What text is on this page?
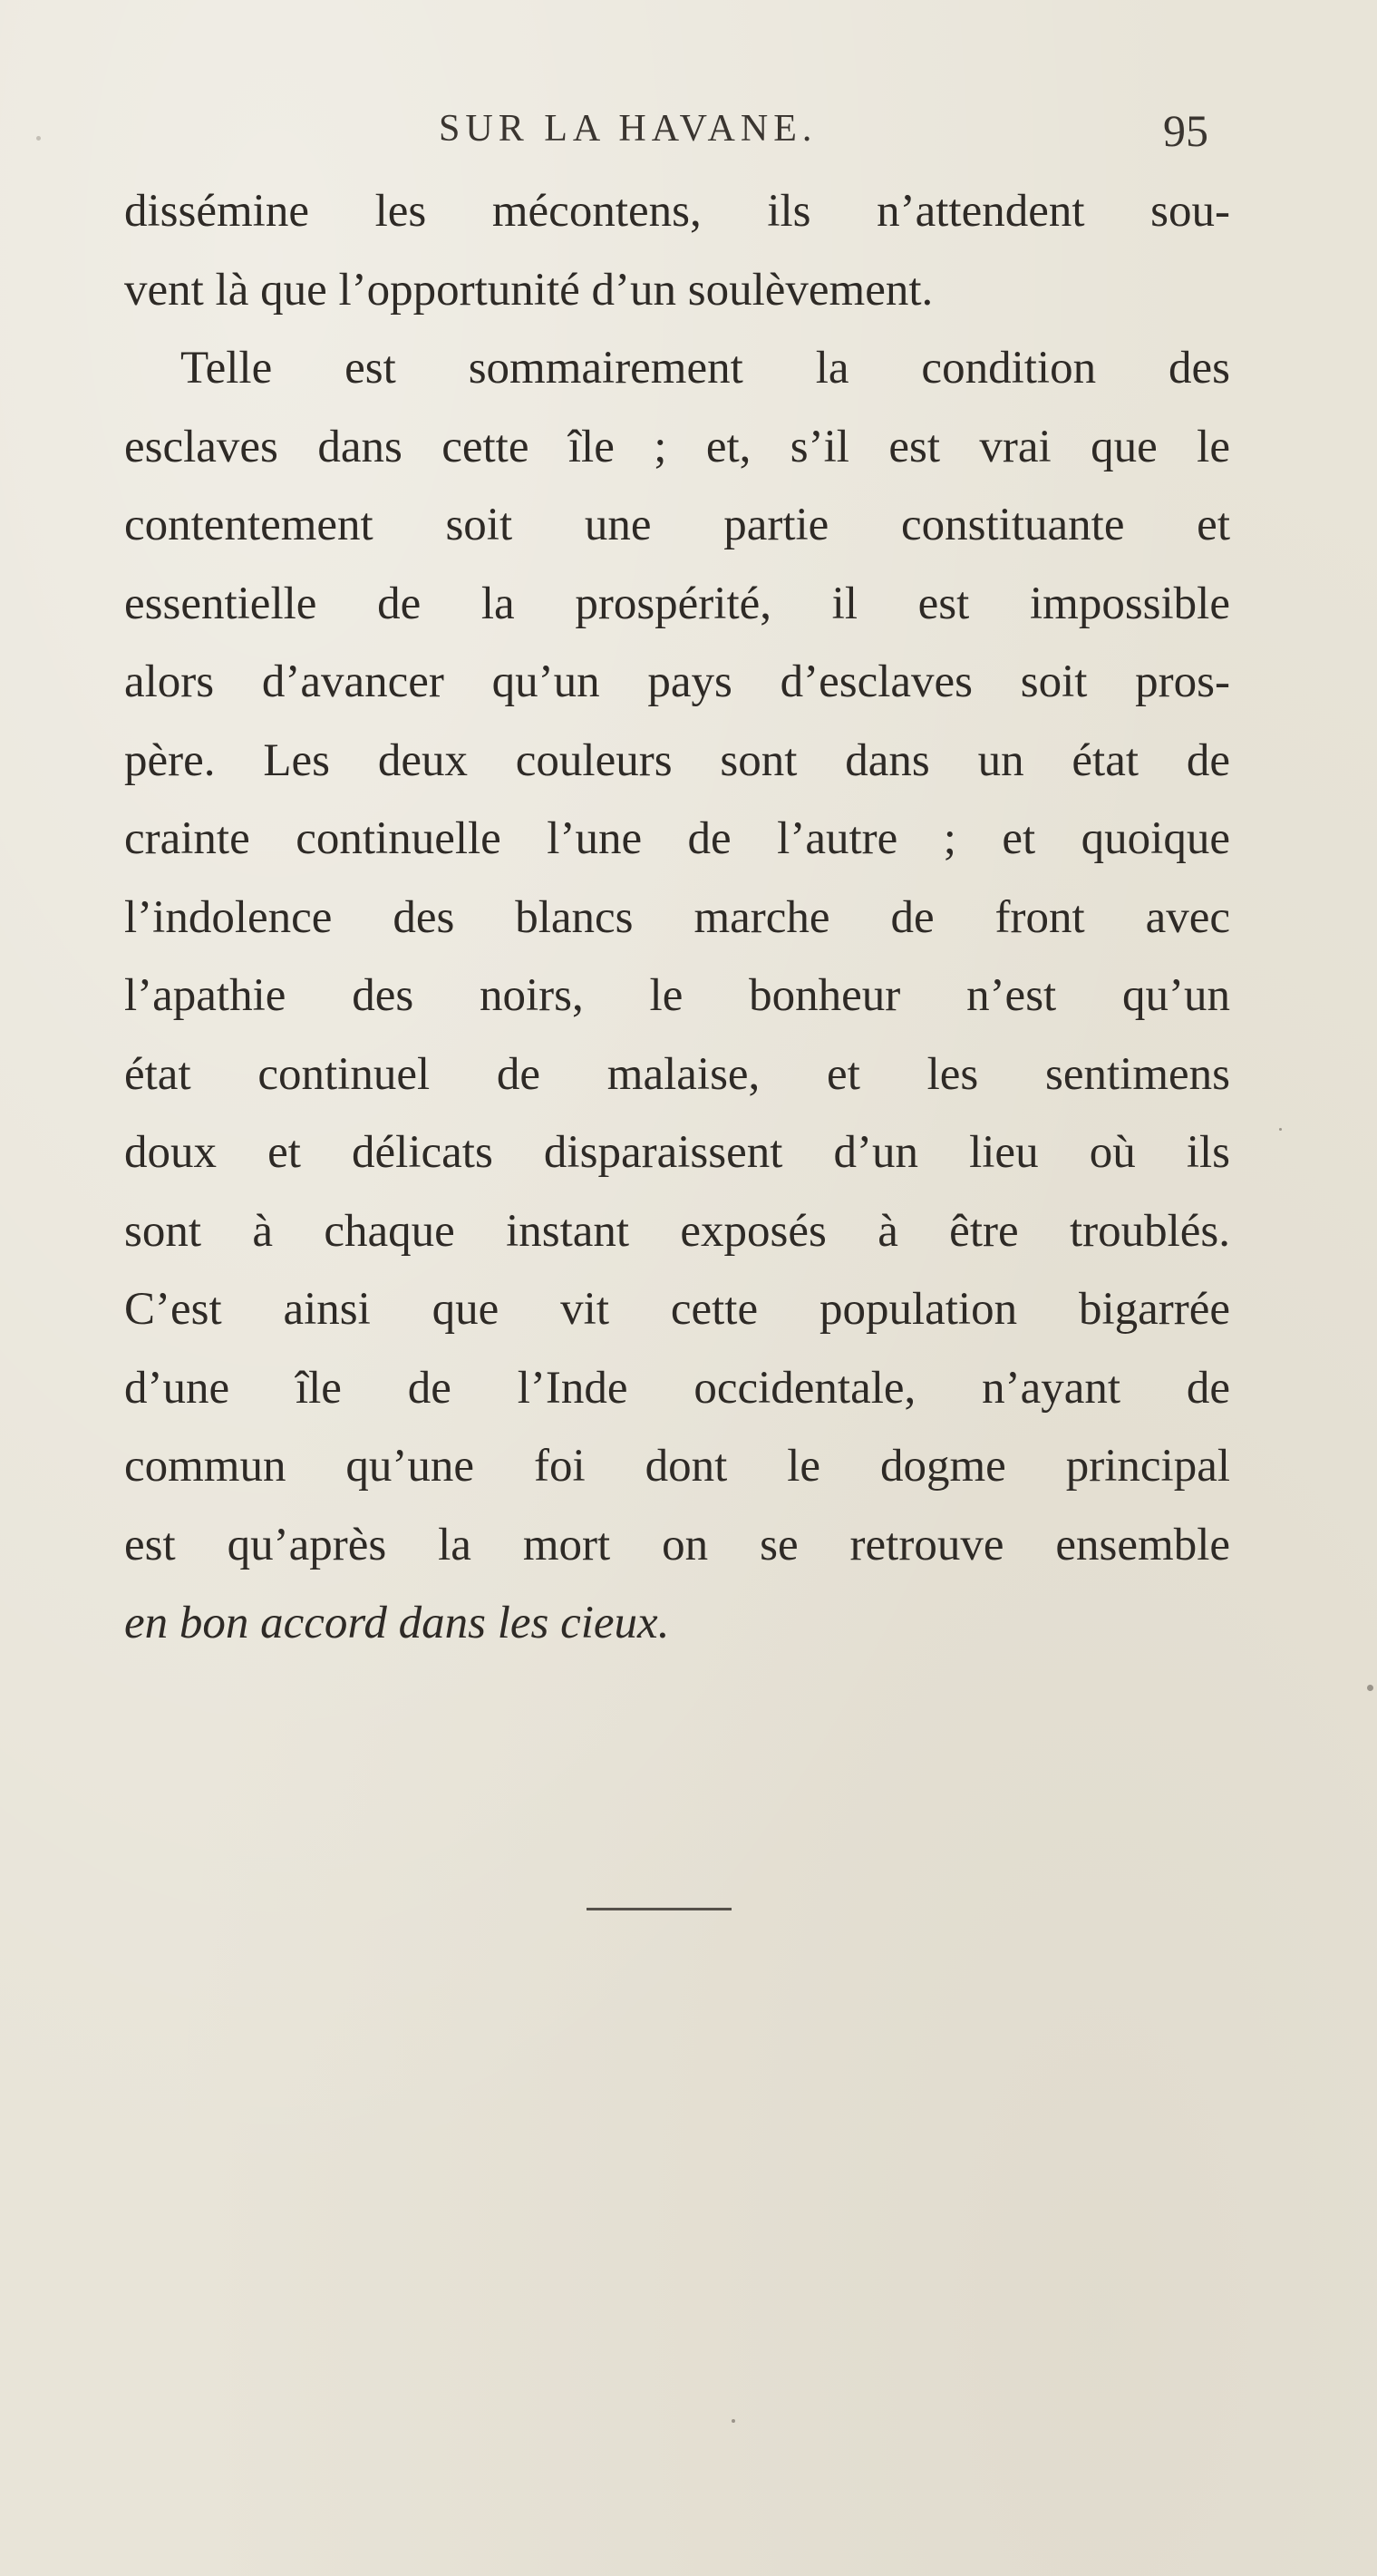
SUR LA HAVANE.	95
dissémine les mécontens, ils n’attendent sou-
vent là que l’opportunité d’un soulèvement.
Telle est sommairement la condition des
esclaves dans cette île ; et, s’il est vrai que le
contentement soit une partie constituante et
essentielle de la prospérité, il est impossible
alors d’avancer qu’un pays d’esclaves soit pros-
père. Les deux couleurs sont dans un état de
crainte continuelle l’une de l’autre ; et quoique
l’indolence des blancs marche de front avec
l’apathie des noirs, le bonheur n’est qu’un
état continuel de malaise, et les sentimens
doux et délicats disparaissent d’un lieu où ils
sont à chaque instant exposés à être troublés.
C’est ainsi que vit cette population bigarrée
d’une île de l’Inde occidentale, n’ayant de
commun qu’une foi dont le dogme principal
est qu’après la mort on se retrouve ensemble
en bon accord dans les cieux.
